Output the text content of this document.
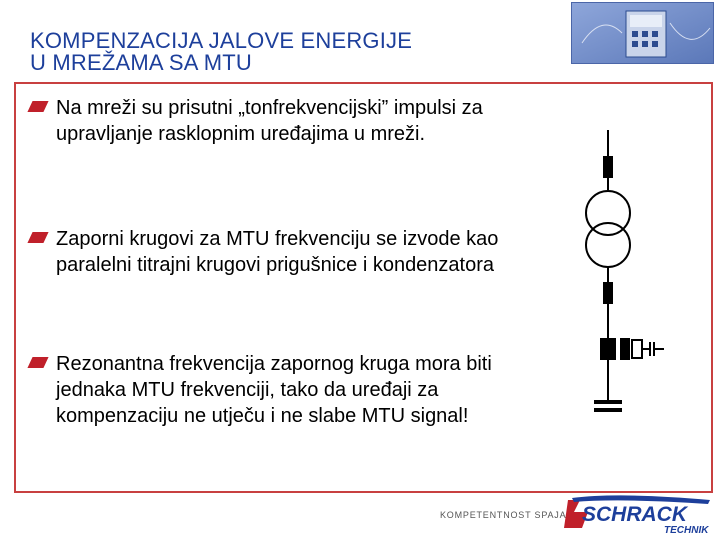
KOMPENZACIJA JALOVE ENERGIJE
U MREŽAMA SA MTU
Na mreži su prisutni „tonfrekvencijski” impulsi za upravljanje rasklopnim uređajima u mreži.
Zaporni krugovi za MTU frekvenciju se izvode kao paralelni titrajni krugovi prigušnice i kondenzatora
Rezonantna frekvencija zapornog kruga mora biti jednaka MTU frekvenciji, tako da uređaji za kompenzaciju ne utječu i ne slabe MTU signal!
KOMPETENTNOST SPAJA SCHRACK
TECHNIK
